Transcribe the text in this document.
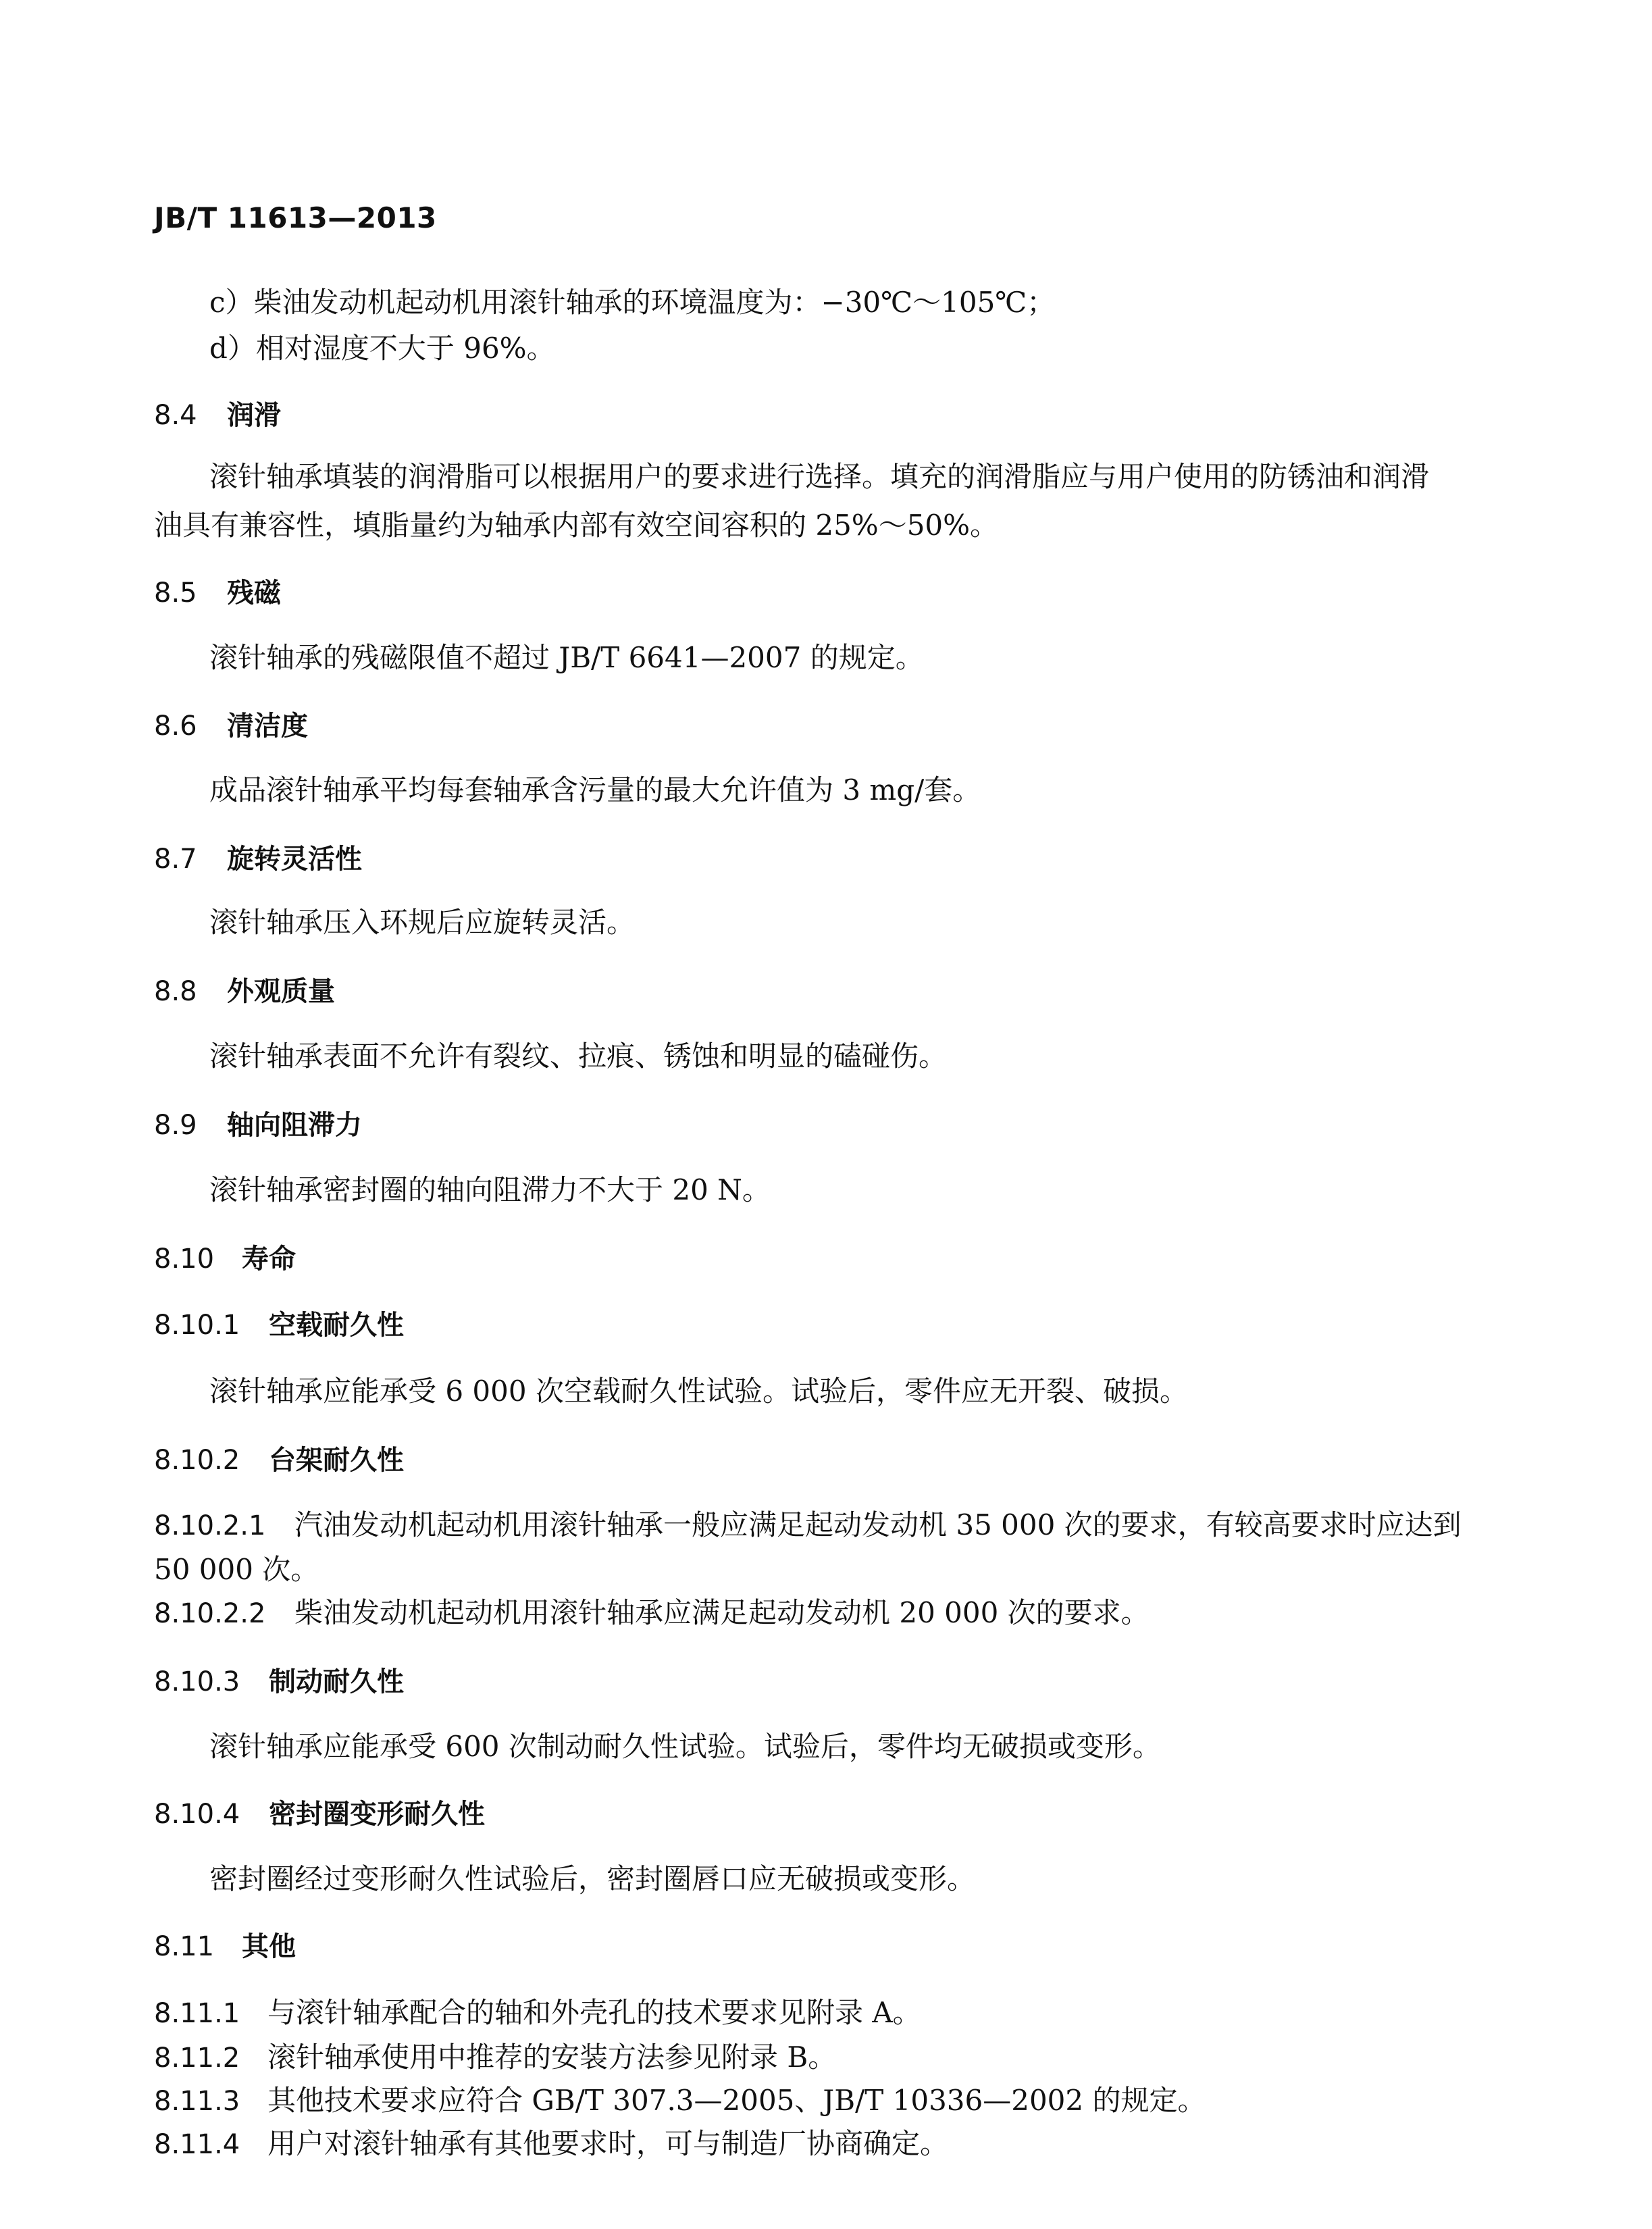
JB/T 11613—2013
c）柴油发动机起动机用滚针轴承的环境温度为：−30℃～105℃；
d）相对湿度不大于 96%。
8.4 润滑
滚针轴承填装的润滑脂可以根据用户的要求进行选择。填充的润滑脂应与用户使用的防锈油和润滑
油具有兼容性，填脂量约为轴承内部有效空间容积的 25%～50%。
8.5 残磁
滚针轴承的残磁限值不超过 JB/T 6641—2007 的规定。
8.6 清洁度
成品滚针轴承平均每套轴承含污量的最大允许值为 3 mg/套。
8.7 旋转灵活性
滚针轴承压入环规后应旋转灵活。
8.8 外观质量
滚针轴承表面不允许有裂纹、拉痕、锈蚀和明显的磕碰伤。
8.9 轴向阻滞力
滚针轴承密封圈的轴向阻滞力不大于 20 N。
8.10 寿命
8.10.1 空载耐久性
滚针轴承应能承受 6 000 次空载耐久性试验。试验后，零件应无开裂、破损。
8.10.2 台架耐久性
8.10.2.1 汽油发动机起动机用滚针轴承一般应满足起动发动机 35 000 次的要求，有较高要求时应达到
50 000 次。
8.10.2.2 柴油发动机起动机用滚针轴承应满足起动发动机 20 000 次的要求。
8.10.3 制动耐久性
滚针轴承应能承受 600 次制动耐久性试验。试验后，零件均无破损或变形。
8.10.4 密封圈变形耐久性
密封圈经过变形耐久性试验后，密封圈唇口应无破损或变形。
8.11 其他
8.11.1 与滚针轴承配合的轴和外壳孔的技术要求见附录 A。
8.11.2 滚针轴承使用中推荐的安装方法参见附录 B。
8.11.3 其他技术要求应符合 GB/T 307.3—2005、JB/T 10336—2002 的规定。
8.11.4 用户对滚针轴承有其他要求时，可与制造厂协商确定。
